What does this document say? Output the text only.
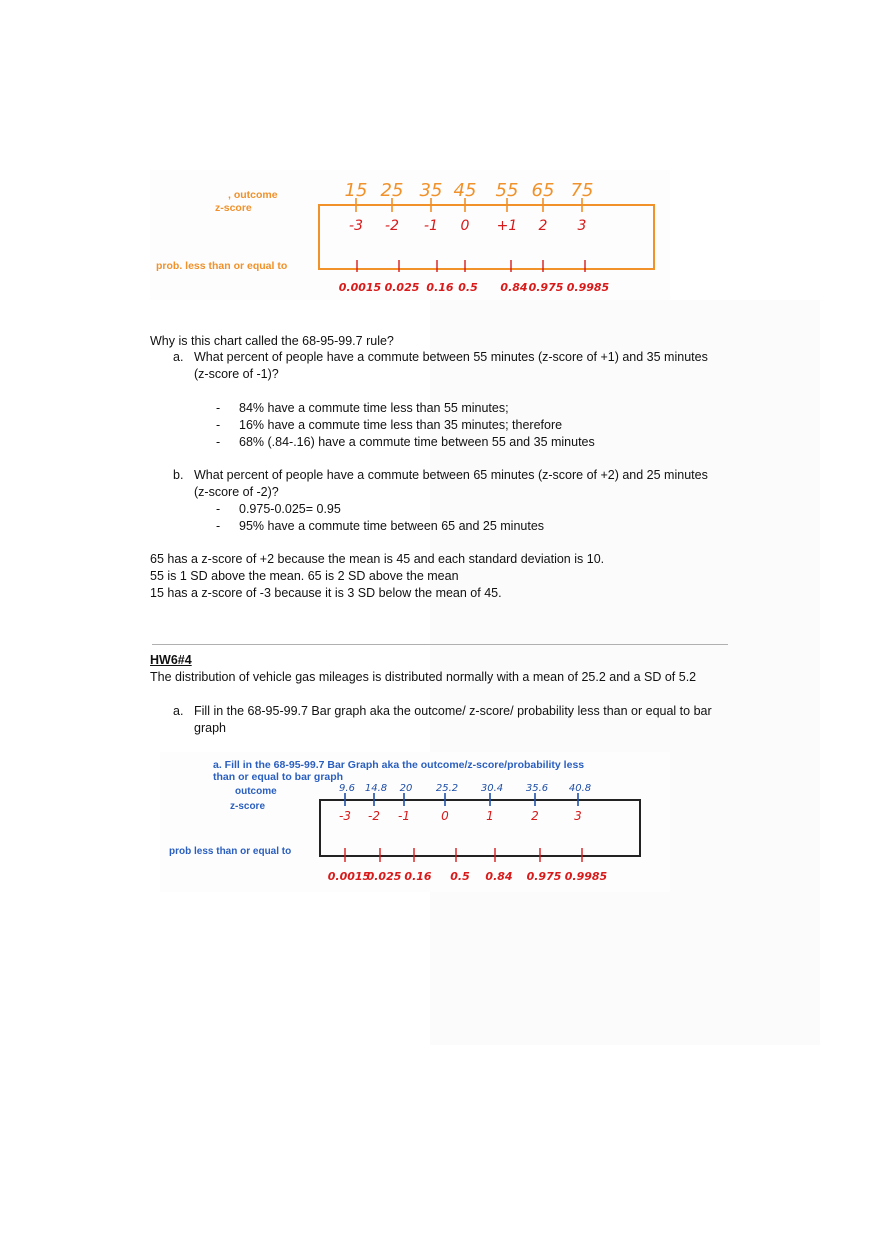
, outcome
z-score
prob. less than or equal to
15 25 35 45 55 65 75
-3 -2 -1 0 +1 2 3
0.0015 0.025 0.16 0.5 0.84 0.975 0.9985
Why is this chart called the 68-95-99.7 rule?
a. What percent of people have a commute between 55 minutes (z-score of +1) and 35 minutes
(z-score of -1)?
- 84% have a commute time less than 55 minutes;
- 16% have a commute time less than 35 minutes; therefore
- 68% (.84-.16) have a commute time between 55 and 35 minutes
b. What percent of people have a commute between 65 minutes (z-score of +2) and 25 minutes
(z-score of -2)?
- 0.975-0.025= 0.95
- 95% have a commute time between 65 and 25 minutes
65 has a z-score of +2 because the mean is 45 and each standard deviation is 10.
55 is 1 SD above the mean. 65 is 2 SD above the mean
15 has a z-score of -3 because it is 3 SD below the mean of 45.
HW6#4
The distribution of vehicle gas mileages is distributed normally with a mean of 25.2 and a SD of 5.2
a. Fill in the 68-95-99.7 Bar graph aka the outcome/ z-score/ probability less than or equal to bar
graph
a. Fill in the 68-95-99.7 Bar Graph aka the outcome/z-score/probability less
than or equal to bar graph
outcome
z-score
prob less than or equal to
9.6 14.8 20 25.2 30.4 35.6 40.8
-3 -2 -1	0	1	2	3
0.0015
0.025 0.16 0.5 0.84 0.975 0.9985
